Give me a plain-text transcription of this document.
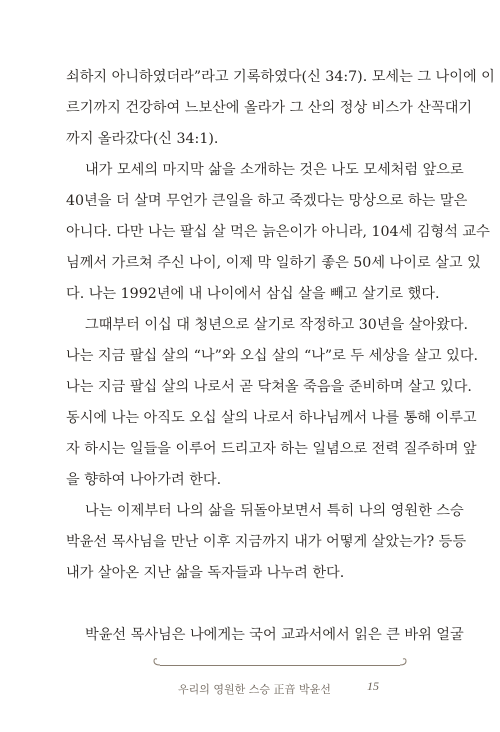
쇠하지 아니하였더라”라고 기록하였다(신 34:7). 모세는 그 나이에 이
르기까지 건강하여 느보산에 올라가 그 산의 정상 비스가 산꼭대기
까지 올라갔다(신 34:1).
내가 모세의 마지막 삶을 소개하는 것은 나도 모세처럼 앞으로
40년을 더 살며 무언가 큰일을 하고 죽겠다는 망상으로 하는 말은
아니다. 다만 나는 팔십 살 먹은 늙은이가 아니라, 104세 김형석 교수
님께서 가르쳐 주신 나이, 이제 막 일하기 좋은 50세 나이로 살고 있
다. 나는 1992년에 내 나이에서 삼십 살을 빼고 살기로 했다.
그때부터 이십 대 청년으로 살기로 작정하고 30년을 살아왔다.
나는 지금 팔십 살의 “나”와 오십 살의 “나”로 두 세상을 살고 있다.
나는 지금 팔십 살의 나로서 곧 닥쳐올 죽음을 준비하며 살고 있다.
동시에 나는 아직도 오십 살의 나로서 하나님께서 나를 통해 이루고
자 하시는 일들을 이루어 드리고자 하는 일념으로 전력 질주하며 앞
을 향하여 나아가려 한다.
나는 이제부터 나의 삶을 뒤돌아보면서 특히 나의 영원한 스승
박윤선 목사님을 만난 이후 지금까지 내가 어떻게 살았는가? 등등
내가 살아온 지난 삶을 독자들과 나누려 한다.
박윤선 목사님은 나에게는 국어 교과서에서 읽은 큰 바위 얼굴
우리의 영원한 스승 正音 박윤선	15
